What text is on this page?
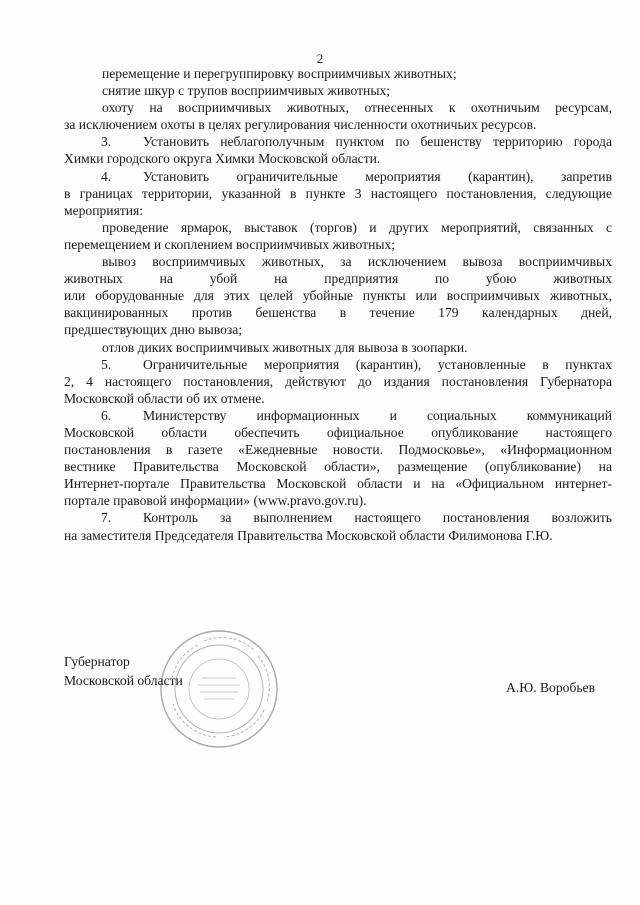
2
перемещение и перегруппировку восприимчивых животных;
снятие шкур с трупов восприимчивых животных;
охоту на восприимчивых животных, отнесенных к охотничьим ресурсам,
за исключением охоты в целях регулирования численности охотничьих ресурсов.
3. Установить неблагополучным пунктом по бешенству территорию города
Химки городского округа Химки Московской области.
4. Установить ограничительные мероприятия (карантин), запретив
в границах территории, указанной в пункте 3 настоящего постановления, следующие
мероприятия:
проведение ярмарок, выставок (торгов) и других мероприятий, связанных с
перемещением и скоплением восприимчивых животных;
вывоз восприимчивых животных, за исключением вывоза восприимчивых
животных на убой на предприятия по убою животных
или оборудованные для этих целей убойные пункты или восприимчивых животных,
вакцинированных против бешенства в течение 179 календарных дней,
предшествующих дню вывоза;
отлов диких восприимчивых животных для вывоза в зоопарки.
5. Ограничительные мероприятия (карантин), установленные в пунктах
2, 4 настоящего постановления, действуют до издания постановления Губернатора
Московской области об их отмене.
6. Министерству информационных и социальных коммуникаций
Московской области обеспечить официальное опубликование настоящего
постановления в газете «Ежедневные новости. Подмосковье», «Информационном
вестнике Правительства Московской области», размещение (опубликование) на
Интернет-портале Правительства Московской области и на «Официальном интернет-
портале правовой информации» (www.pravo.gov.ru).
7. Контроль за выполнением настоящего постановления возложить
на заместителя Председателя Правительства Московской области Филимонова Г.Ю.
Губернатор
Московской области	А.Ю. Воробьев
